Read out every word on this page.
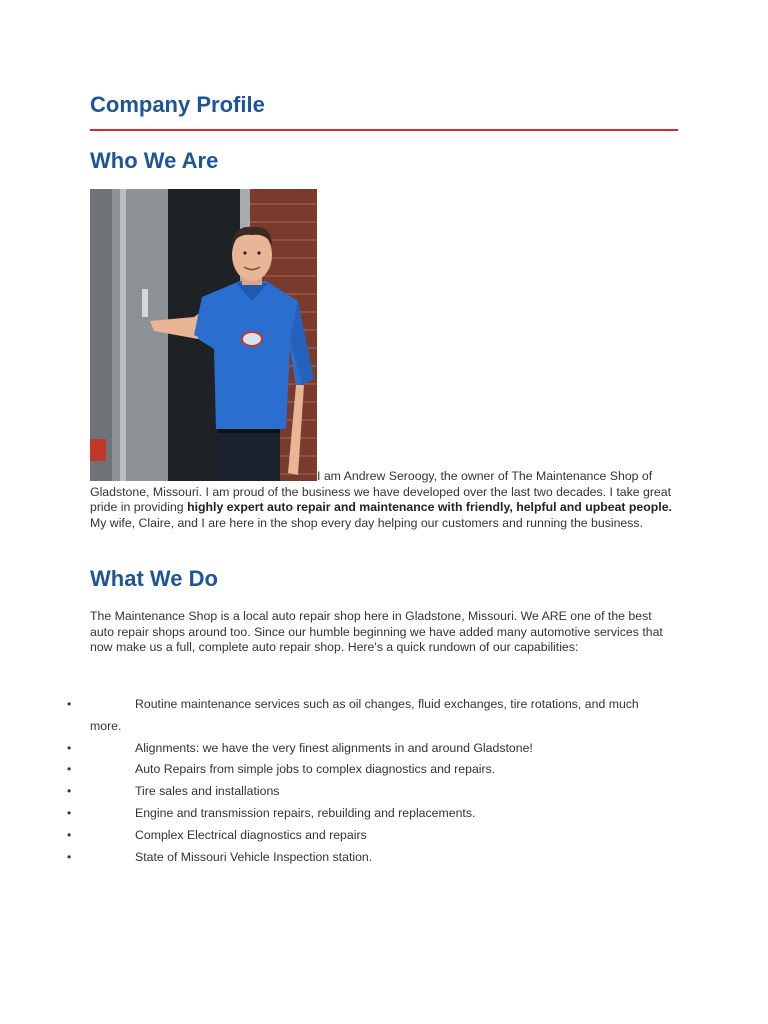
Company Profile
Who We Are

I am Andrew Seroogy, the owner of The Maintenance Shop of Gladstone, Missouri. I am proud of the business we have developed over the last two decades. I take great pride in providing highly expert auto repair and maintenance with friendly, helpful and upbeat people. My wife, Claire, and I are here in the shop every day helping our customers and running the business.

What We Do

The Maintenance Shop is a local auto repair shop here in Gladstone, Missouri. We ARE one of the best auto repair shops around too. Since our humble beginning we have added many automotive services that now make us a full, complete auto repair shop. Here's a quick rundown of our capabilities:

•	Routine maintenance services such as oil changes, fluid exchanges, tire rotations, and much
more.
•	Alignments: we have the very finest alignments in and around Gladstone!
•	Auto Repairs from simple jobs to complex diagnostics and repairs.
•	Tire sales and installations
•	Engine and transmission repairs, rebuilding and replacements.
•	Complex Electrical diagnostics and repairs
•	State of Missouri Vehicle Inspection station.
